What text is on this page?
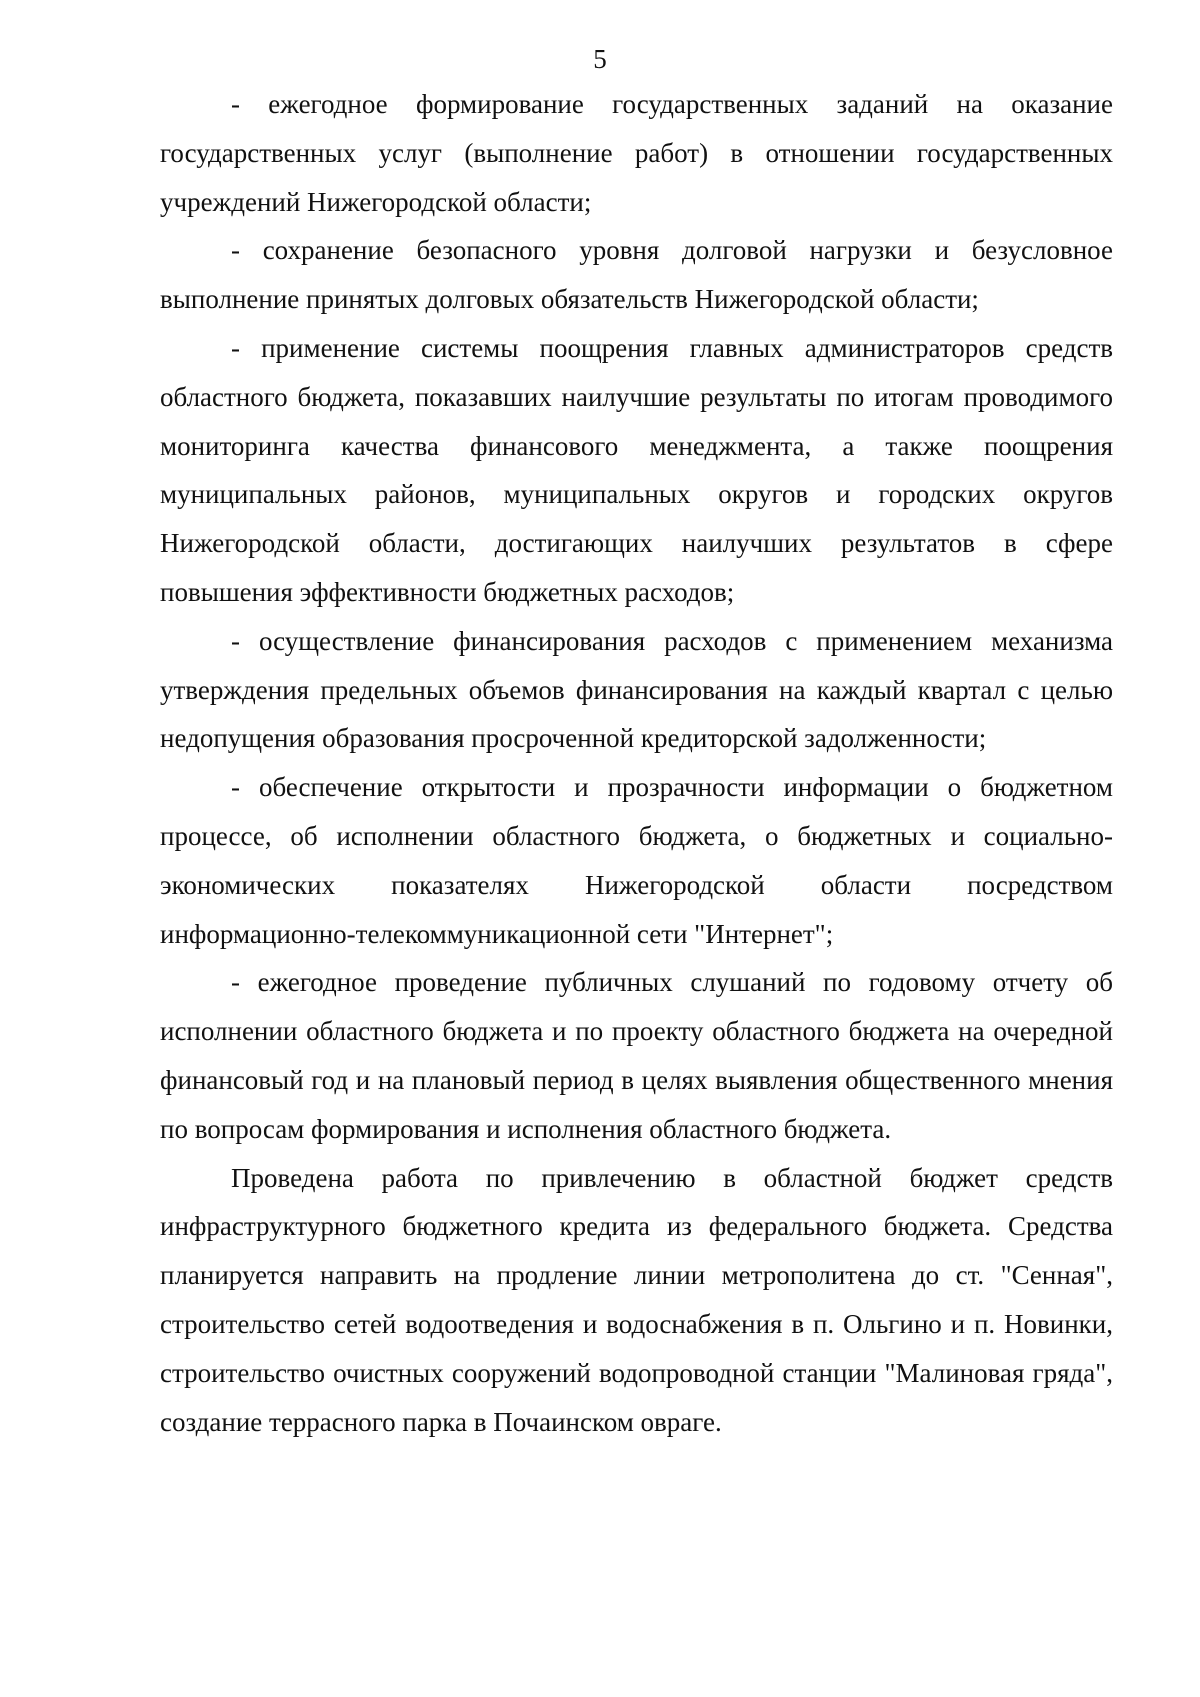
5

- ежегодное формирование государственных заданий на оказание государственных услуг (выполнение работ) в отношении государственных учреждений Нижегородской области;

- сохранение безопасного уровня долговой нагрузки и безусловное выполнение принятых долговых обязательств Нижегородской области;

- применение системы поощрения главных администраторов средств областного бюджета, показавших наилучшие результаты по итогам проводимого мониторинга качества финансового менеджмента, а также поощрения муниципальных районов, муниципальных округов и городских округов Нижегородской области, достигающих наилучших результатов в сфере повышения эффективности бюджетных расходов;

- осуществление финансирования расходов с применением механизма утверждения предельных объемов финансирования на каждый квартал с целью недопущения образования просроченной кредиторской задолженности;

- обеспечение открытости и прозрачности информации о бюджетном процессе, об исполнении областного бюджета, о бюджетных и социально-экономических показателях Нижегородской области посредством информационно-телекоммуникационной сети "Интернет";

- ежегодное проведение публичных слушаний по годовому отчету об исполнении областного бюджета и по проекту областного бюджета на очередной финансовый год и на плановый период в целях выявления общественного мнения по вопросам формирования и исполнения областного бюджета.

Проведена работа по привлечению в областной бюджет средств инфраструктурного бюджетного кредита из федерального бюджета. Средства планируется направить на продление линии метрополитена до ст. "Сенная", строительство сетей водоотведения и водоснабжения в п. Ольгино и п. Новинки, строительство очистных сооружений водопроводной станции "Малиновая гряда", создание террасного парка в Почаинском овраге.
